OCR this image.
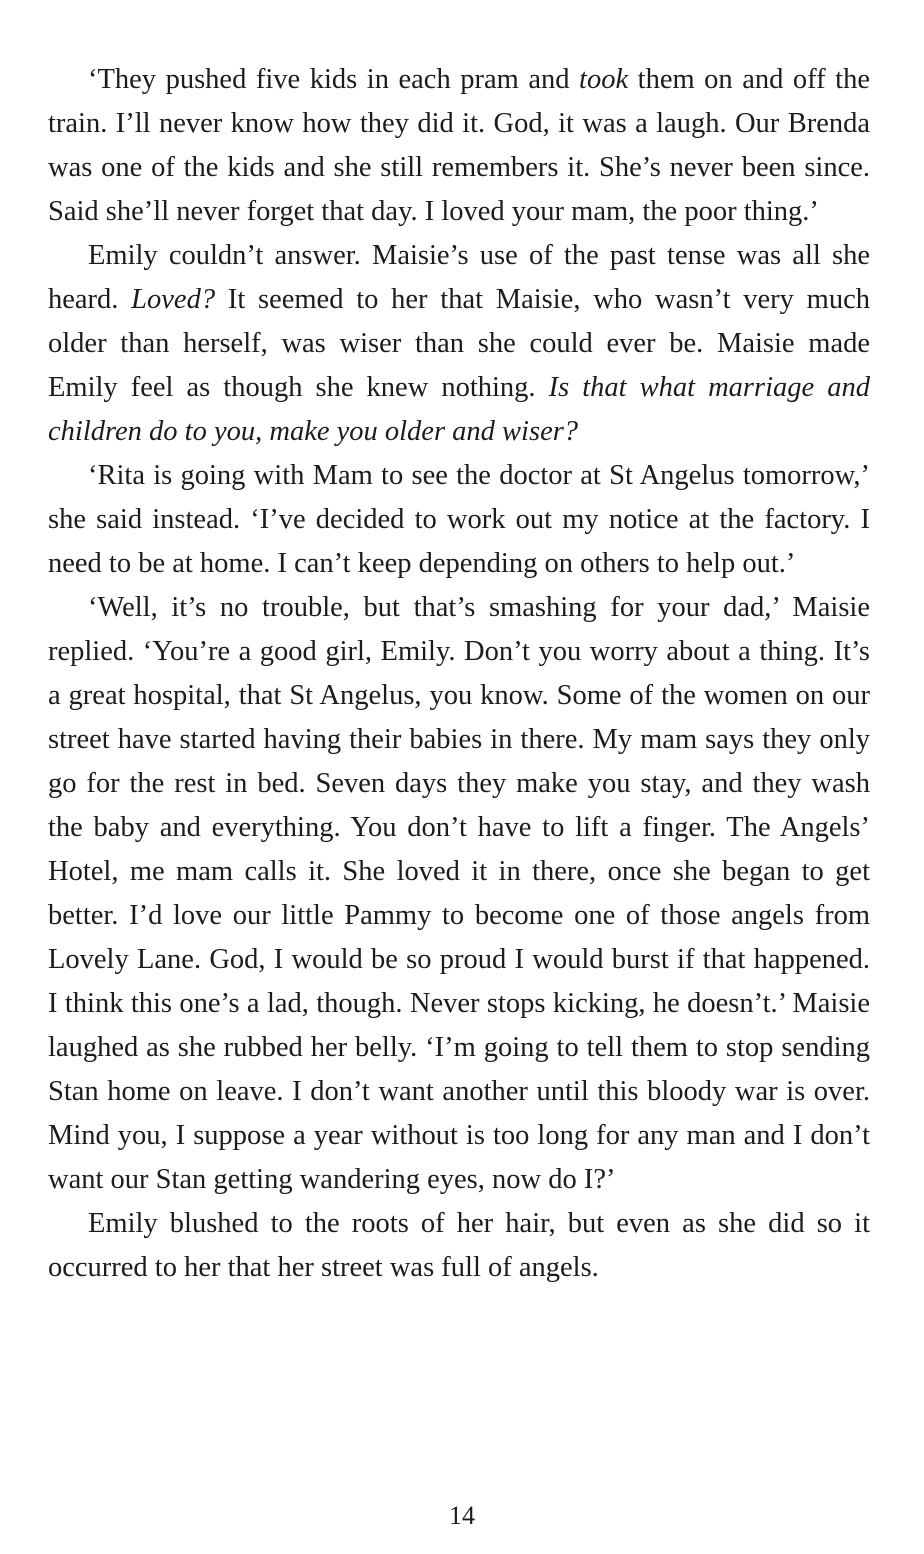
‘They pushed five kids in each pram and took them on and off the train. I’ll never know how they did it. God, it was a laugh. Our Brenda was one of the kids and she still remembers it. She’s never been since. Said she’ll never forget that day. I loved your mam, the poor thing.’

Emily couldn’t answer. Maisie’s use of the past tense was all she heard. Loved? It seemed to her that Maisie, who wasn’t very much older than herself, was wiser than she could ever be. Maisie made Emily feel as though she knew nothing. Is that what marriage and children do to you, make you older and wiser?

‘Rita is going with Mam to see the doctor at St Angelus tomorrow,’ she said instead. ‘I’ve decided to work out my notice at the factory. I need to be at home. I can’t keep depending on others to help out.’

‘Well, it’s no trouble, but that’s smashing for your dad,’ Maisie replied. ‘You’re a good girl, Emily. Don’t you worry about a thing. It’s a great hospital, that St Angelus, you know. Some of the women on our street have started having their babies in there. My mam says they only go for the rest in bed. Seven days they make you stay, and they wash the baby and everything. You don’t have to lift a finger. The Angels’ Hotel, me mam calls it. She loved it in there, once she began to get better. I’d love our little Pammy to become one of those angels from Lovely Lane. God, I would be so proud I would burst if that happened. I think this one’s a lad, though. Never stops kicking, he doesn’t.’ Maisie laughed as she rubbed her belly. ‘I’m going to tell them to stop sending Stan home on leave. I don’t want another until this bloody war is over. Mind you, I suppose a year without is too long for any man and I don’t want our Stan getting wandering eyes, now do I?’

Emily blushed to the roots of her hair, but even as she did so it occurred to her that her street was full of angels.

14
